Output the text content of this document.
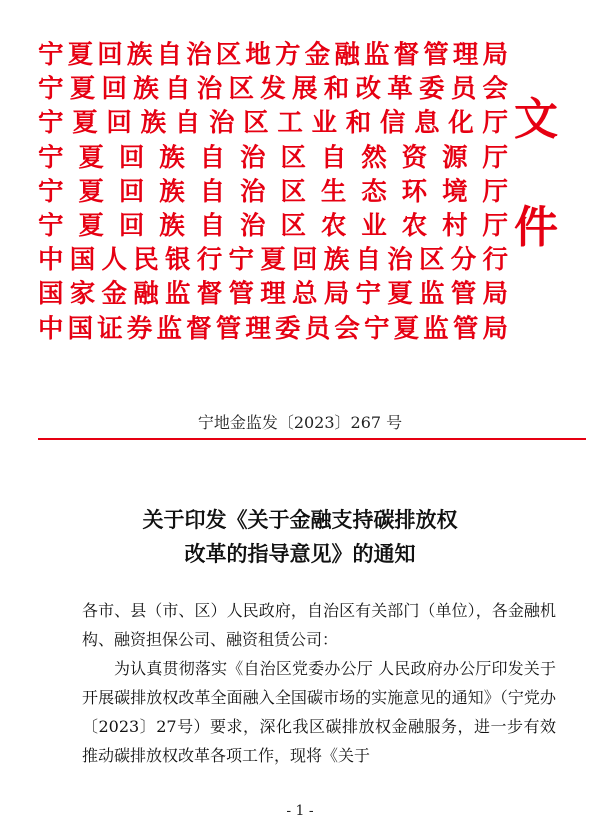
宁夏回族自治区地方金融监督管理局
宁夏回族自治区发展和改革委员会
宁夏回族自治区工业和信息化厅
宁夏回族自治区自然资源厅
宁夏回族自治区生态环境厅
宁夏回族自治区农业农村厅
中国人民银行宁夏回族自治区分行
国家金融监督管理总局宁夏监管局
中国证券监督管理委员会宁夏监管局
文
件
宁地金监发〔2023〕267 号
关于印发《关于金融支持碳排放权
改革的指导意见》的通知

各市、县（市、区）人民政府，自治区有关部门（单位），各金融机构、融资担保公司、融资租赁公司：

为认真贯彻落实《自治区党委办公厅 人民政府办公厅印发关于开展碳排放权改革全面融入全国碳市场的实施意见的通知》（宁党办〔2023〕27号）要求，深化我区碳排放权金融服务，进一步有效推动碳排放权改革各项工作，现将《关于

- 1 -
